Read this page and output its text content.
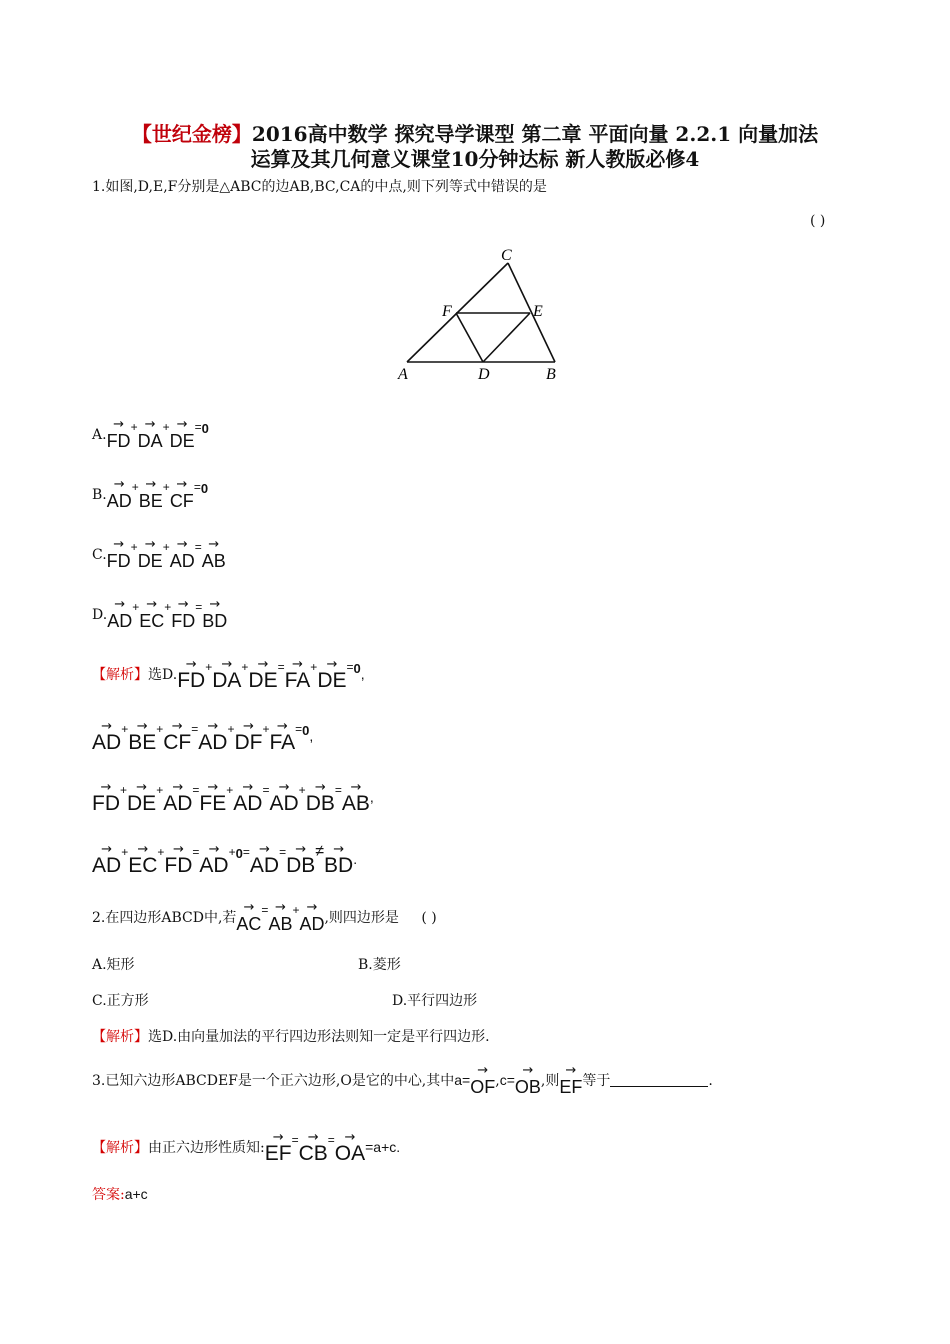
【世纪金榜】2016高中数学 探究导学课型 第二章 平面向量 2.2.1 向量加法
运算及其几何意义课堂10分钟达标 新人教版必修4
1.如图,D,E,F分别是△ABC的边AB,BC,CA的中点,则下列等式中错误的是
( )
C
F	E
A	D	B
A.→ FD+→ DA+→ DE=0
B.→ AD+→ BE+→ CF=0
C.→ FD+→ DE+→ AD=→ AB
D.→ AD+→ EC+→ FD=→ BD
【解析】选D.→ FD+→ DA+→ DE=→ FA+→ DE=0,
→ AD+→ BE+→ CF=→ AD+→ DF+→ FA=0,
→ FD+→ DE+→ AD=→ FE+→ AD=→ AD+→ DB=→ AB,
→ AD+→ EC+→ FD=→ AD+0=→ AD=→ DB≠→ BD.
2.在四边形ABCD中,若→ AC=→ AB+→ AD,则四边形是 ( )
A.矩形	B.菱形
C.正方形	D.平行四边形
【解析】选D.由向量加法的平行四边形法则知一定是平行四边形.
3.已知六边形ABCDEF是一个正六边形,O是它的中心,其中a=→ OF,c=→ OB,则→ EF等于	.
【解析】由正六边形性质知:→ EF=→ CB=→ OA=a+c.
答案:a+c
